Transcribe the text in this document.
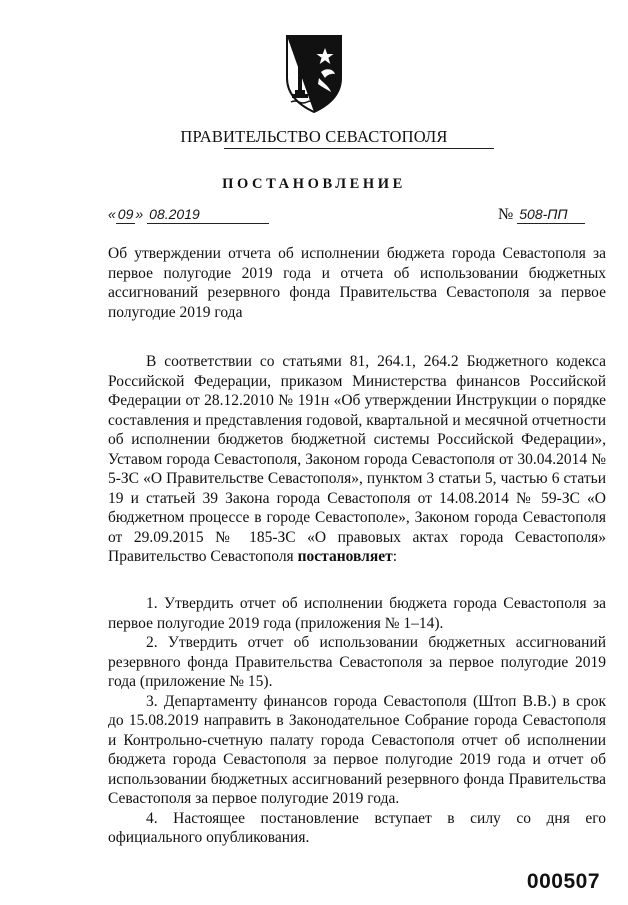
ПРАВИТЕЛЬСТВО СЕВАСТОПОЛЯ
ПОСТАНОВЛЕНИЕ
« 09 » 08.2019	№ 508-ПП
Об утверждении отчета об исполнении бюджета города Севастополя за первое полугодие 2019 года и отчета об использовании бюджетных ассигнований резервного фонда Правительства Севастополя за первое полугодие 2019 года
В соответствии со статьями 81, 264.1, 264.2 Бюджетного кодекса Российской Федерации, приказом Министерства финансов Российской Федерации от 28.12.2010 № 191н «Об утверждении Инструкции о порядке составления и представления годовой, квартальной и месячной отчетности об исполнении бюджетов бюджетной системы Российской Федерации», Уставом города Севастополя, Законом города Севастополя от 30.04.2014 № 5-ЗС «О Правительстве Севастополя», пунктом 3 статьи 5, частью 6 статьи 19 и статьей 39 Закона города Севастополя от 14.08.2014 № 59-ЗС «О бюджетном процессе в городе Севастополе», Законом города Севастополя от 29.09.2015 № 185-ЗС «О правовых актах города Севастополя» Правительство Севастополя постановляет:

1. Утвердить отчет об исполнении бюджета города Севастополя за первое полугодие 2019 года (приложения № 1–14).

2. Утвердить отчет об использовании бюджетных ассигнований резервного фонда Правительства Севастополя за первое полугодие 2019 года (приложение № 15).

3. Департаменту финансов города Севастополя (Штоп В.В.) в срок до 15.08.2019 направить в Законодательное Собрание города Севастополя и Контрольно-счетную палату города Севастополя отчет об исполнении бюджета города Севастополя за первое полугодие 2019 года и отчет об использовании бюджетных ассигнований резервного фонда Правительства Севастополя за первое полугодие 2019 года.

4. Настоящее постановление вступает в силу со дня его официального опубликования.

000507
